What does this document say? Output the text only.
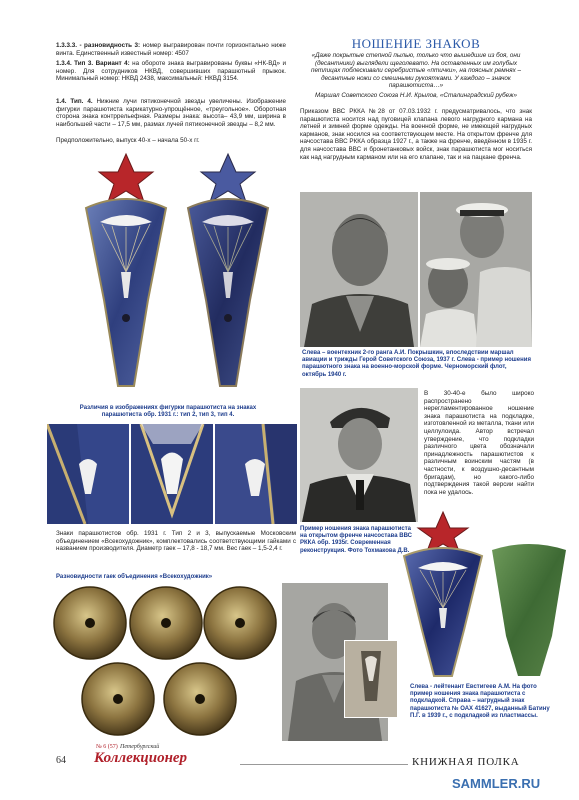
1.3.3.3. - разновидность 3: номер выгравирован почти горизонтально ниже винта. Единственный известный номер: 4507
1.3.4. Тип 3. Вариант 4: на обороте знака выгравированы буквы «НК-ВД» и номер. Для сотрудников НКВД, совершивших парашютный прыжок. Минимальный номер: НКВД 2438, максимальный: НКВД 3154.
1.4. Тип. 4. Нижние лучи пятиконечной звезды увеличены. Изображение фигурки парашютиста карикатурно-упрощённое, «треугольное». Оборотная сторона знака контррельефная. Размеры знака: высота– 43,9 мм, ширина в наибольшей части – 17,5 мм, размах лучей пятиконечной звезды – 8,2 мм.
Предположительно, выпуск 40-х – начала 50-х гг.
Различия в изображениях фигурки парашютиста на знаках парашютиста обр. 1931 г.: тип 2, тип 3, тип 4.
Знаки парашютистов обр. 1931 г. Тип 2 и 3, выпускаемые Московским объединением «Всекохудожник», комплектовались соответствующими гайками с названием производителя. Диаметр гаек – 17,8 - 18,7 мм. Вес гаек – 1,5-2,4 г.
Разновидности гаек объединения «Всекохудожник»
НОШЕНИЕ ЗНАКОВ
«Даже покрытые степной пылью, только что вышедшие из боя, они (десантники) выглядели щеголевато. На оставленных им голубых петлицах поблескивали серебристые «птички», на поясных ремнях – десантные ножи со смешными рукоятками. У каждого – значок парашютиста…»
Маршал Советского Союза Н.И. Крылов, «Сталинградский рубеж»
Приказом ВВС РККА №28 от 07.03.1932 г. предусматривалось, что знак парашютиста носится над пуговицей клапана левого нагрудного кармана на летней и зимней форме одежды. На военной форме, не имеющей нагрудных карманов, знак носился на соответствующем месте. На открытом френче для начсостава ВВС РККА образца 1927 г., а также на френче, введённом в 1935 г. для начсостава ВВС и бронетанковых войск, знак парашютиста мог носиться как над нагрудным карманом или на его клапане, так и на пацкане френча.
Слева – воентехник 2-го ранга А.И. Покрышкин, впоследствии маршал авиации и трижды Герой Советского Союза, 1937 г. Слева - пример ношения парашютного знака на военно-морской форме. Черноморский флот, октябрь 1940 г.
В 30-40-е было широко распространено нерегламентированное ношение знака парашютиста на подкладке, изготовленной из металла, ткани или целлулоида. Автор встречал утверждение, что подкладки различного цвета обозначали принадлежность парашютистов к различным воинским частям (в частности, к воздушно-десантным бригадам), но какого-либо подтверждения такой версии найти пока не удалось.
Пример ношения знака парашютиста на открытом френче начсостава ВВС РККА обр. 1935г. Современная реконструкция. Фото Тохмакова Д.В.
Слева - лейтенант Евстигеев А.М. На фото пример ношения знака парашютиста с подкладкой. Справа – нагрудный знак парашютиста № ОАХ 41627, выданный Батину П.Г. в 1939 г., с подкладкой из пластмассы.
64
№ 6 (57) Петербургский
Коллекционер	КНИЖНАЯ ПОЛКА
SAMMLER.RU
